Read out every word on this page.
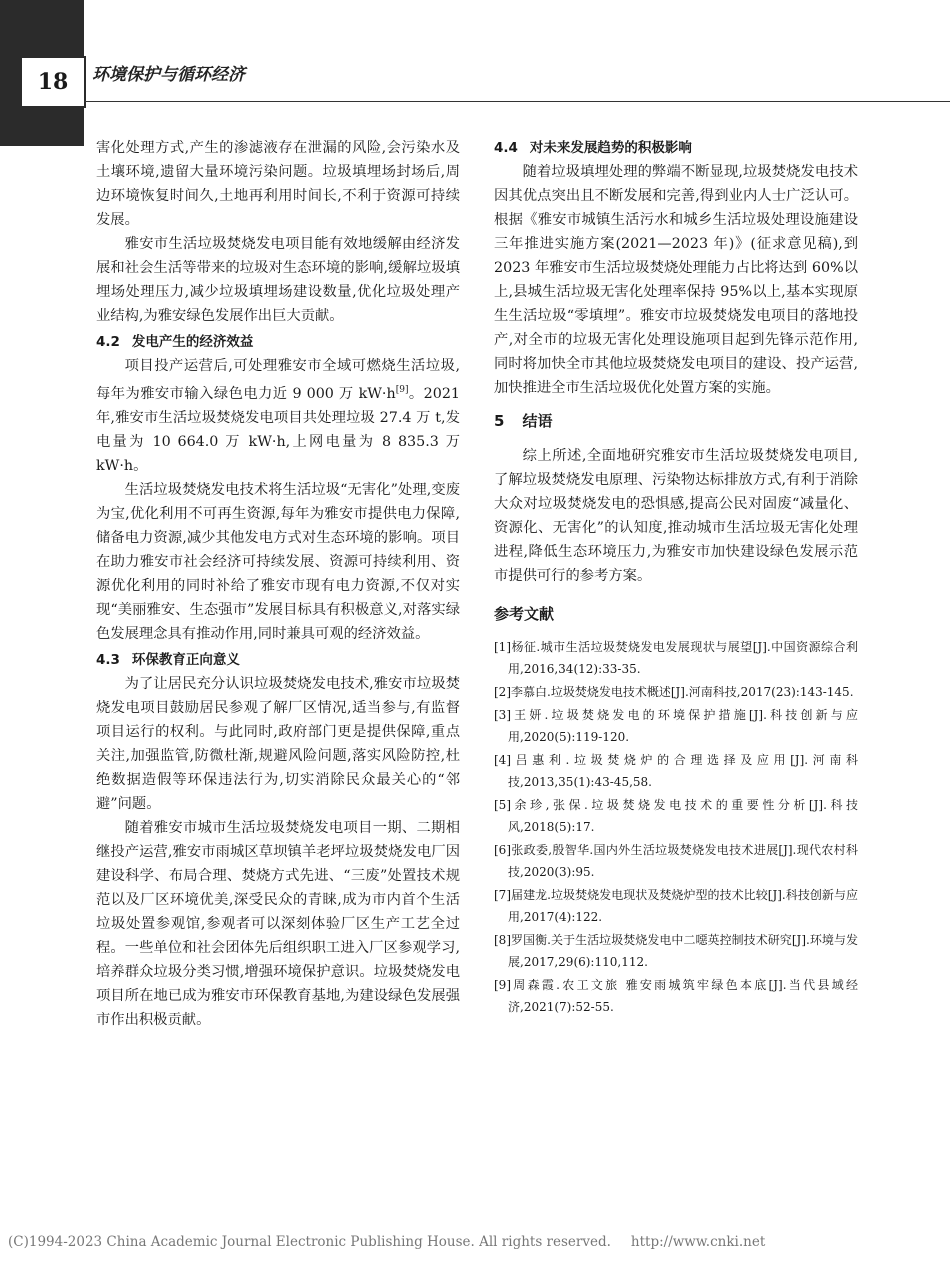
18	环境保护与循环经济

害化处理方式,产生的渗滤液存在泄漏的风险,会污染水及土壤环境,遗留大量环境污染问题。垃圾填埋场封场后,周边环境恢复时间久,土地再利用时间长,不利于资源可持续发展。

雅安市生活垃圾焚烧发电项目能有效地缓解由经济发展和社会生活等带来的垃圾对生态环境的影响,缓解垃圾填埋场处理压力,减少垃圾填埋场建设数量,优化垃圾处理产业结构,为雅安绿色发展作出巨大贡献。

4.2 发电产生的经济效益

项目投产运营后,可处理雅安市全域可燃烧生活垃圾,每年为雅安市输入绿色电力近 9 000 万 kW·h[9]。2021 年,雅安市生活垃圾焚烧发电项目共处理垃圾 27.4 万 t,发电量为 10 664.0 万 kW·h,上网电量为 8 835.3 万 kW·h。

生活垃圾焚烧发电技术将生活垃圾“无害化”处理,变废为宝,优化利用不可再生资源,每年为雅安市提供电力保障,储备电力资源,减少其他发电方式对生态环境的影响。项目在助力雅安市社会经济可持续发展、资源可持续利用、资源优化利用的同时补给了雅安市现有电力资源,不仅对实现“美丽雅安、生态强市”发展目标具有积极意义,对落实绿色发展理念具有推动作用,同时兼具可观的经济效益。

4.3 环保教育正向意义

为了让居民充分认识垃圾焚烧发电技术,雅安市垃圾焚烧发电项目鼓励居民参观了解厂区情况,适当参与,有监督项目运行的权利。与此同时,政府部门更是提供保障,重点关注,加强监管,防微杜渐,规避风险问题,落实风险防控,杜绝数据造假等环保违法行为,切实消除民众最关心的“邻避”问题。

随着雅安市城市生活垃圾焚烧发电项目一期、二期相继投产运营,雅安市雨城区草坝镇羊老坪垃圾焚烧发电厂因建设科学、布局合理、焚烧方式先进、“三废”处置技术规范以及厂区环境优美,深受民众的青睐,成为市内首个生活垃圾处置参观馆,参观者可以深刻体验厂区生产工艺全过程。一些单位和社会团体先后组织职工进入厂区参观学习,培养群众垃圾分类习惯,增强环境保护意识。垃圾焚烧发电项目所在地已成为雅安市环保教育基地,为建设绿色发展强市作出积极贡献。

4.4 对未来发展趋势的积极影响

随着垃圾填埋处理的弊端不断显现,垃圾焚烧发电技术因其优点突出且不断发展和完善,得到业内人士广泛认可。根据《雅安市城镇生活污水和城乡生活垃圾处理设施建设三年推进实施方案(2021—2023 年)》(征求意见稿),到 2023 年雅安市生活垃圾焚烧处理能力占比将达到 60%以上,县城生活垃圾无害化处理率保持 95%以上,基本实现原生生活垃圾“零填埋”。雅安市垃圾焚烧发电项目的落地投产,对全市的垃圾无害化处理设施项目起到先锋示范作用,同时将加快全市其他垃圾焚烧发电项目的建设、投产运营,加快推进全市生活垃圾优化处置方案的实施。

5 结语

综上所述,全面地研究雅安市生活垃圾焚烧发电项目,了解垃圾焚烧发电原理、污染物达标排放方式,有利于消除大众对垃圾焚烧发电的恐惧感,提高公民对固废“减量化、资源化、无害化”的认知度,推动城市生活垃圾无害化处理进程,降低生态环境压力,为雅安市加快建设绿色发展示范市提供可行的参考方案。

参考文献
[1]杨征.城市生活垃圾焚烧发电发展现状与展望[J].中国资源综合利用,2016,34(12):33-35.
[2]李慕白.垃圾焚烧发电技术概述[J].河南科技,2017(23):143-145.
[3]王妍.垃圾焚烧发电的环境保护措施[J].科技创新与应用,2020(5):119-120.
[4]吕惠利.垃圾焚烧炉的合理选择及应用[J].河南科技,2013,35(1):43-45,58.
[5]余珍,张保.垃圾焚烧发电技术的重要性分析[J].科技风,2018(5):17.
[6]张政委,殷智华.国内外生活垃圾焚烧发电技术进展[J].现代农村科技,2020(3):95.
[7]届建龙.垃圾焚烧发电现状及焚烧炉型的技术比较[J].科技创新与应用,2017(4):122.
[8]罗国衡.关于生活垃圾焚烧发电中二噁英控制技术研究[J].环境与发展,2017,29(6):110,112.
[9]周森霞.农工文旅 雅安雨城筑牢绿色本底[J].当代县域经济,2021(7):52-55.
(C)1994-2023 China Academic Journal Electronic Publishing House. All rights reserved. http://www.cnki.net
